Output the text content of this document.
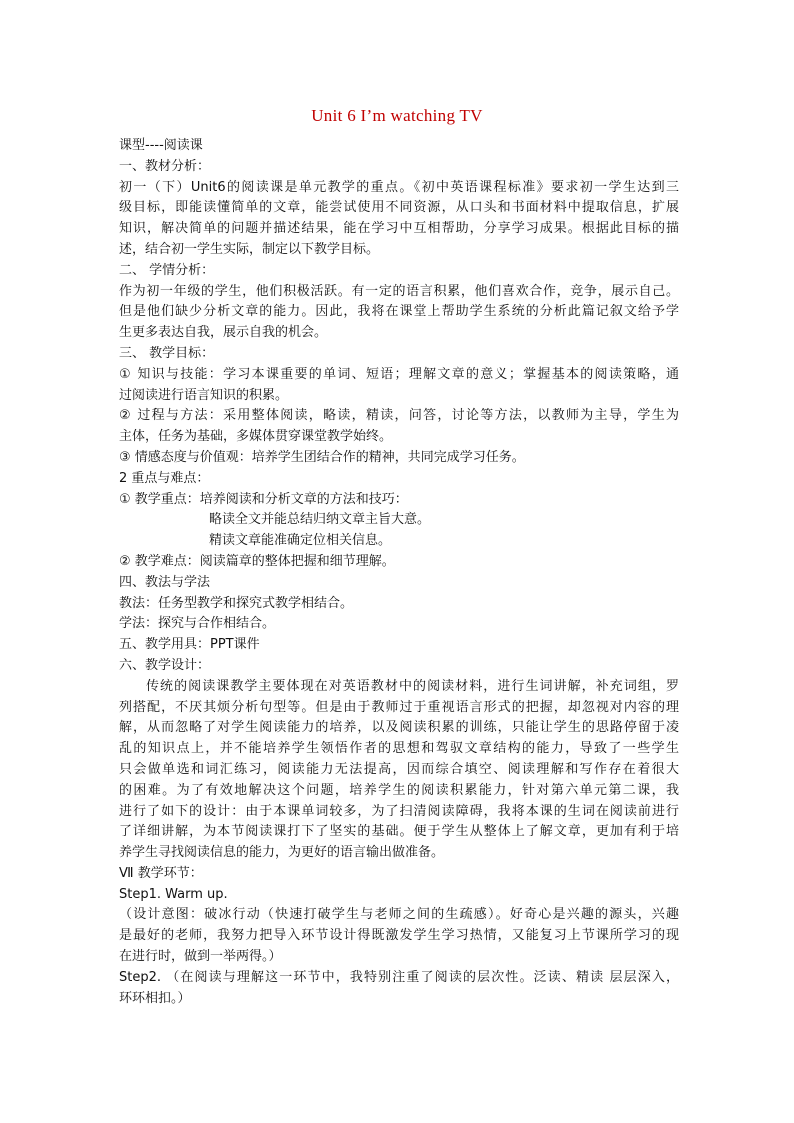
Unit 6 I’m watching TV
课型----阅读课
一、教材分析：
初一（下）Unit6的阅读课是单元教学的重点。《初中英语课程标准》要求初一学生达到三
级目标，即能读懂简单的文章，能尝试使用不同资源，从口头和书面材料中提取信息，扩展
知识，解决简单的问题并描述结果，能在学习中互相帮助，分享学习成果。根据此目标的描
述，结合初一学生实际，制定以下教学目标。
二、 学情分析：
作为初一年级的学生，他们积极活跃。有一定的语言积累，他们喜欢合作，竞争，展示自己。
但是他们缺少分析文章的能力。因此，我将在课堂上帮助学生系统的分析此篇记叙文给予学
生更多表达自我，展示自我的机会。
三、 教学目标：
① 知识与技能：学习本课重要的单词、短语；理解文章的意义；掌握基本的阅读策略，通
过阅读进行语言知识的积累。
② 过程与方法：采用整体阅读，略读，精读，问答，讨论等方法，以教师为主导，学生为
主体，任务为基础，多媒体贯穿课堂教学始终。
③ 情感态度与价值观：培养学生团结合作的精神，共同完成学习任务。
2 重点与难点：
① 教学重点：培养阅读和分析文章的方法和技巧：
略读全文并能总结归纳文章主旨大意。
精读文章能准确定位相关信息。
② 教学难点：阅读篇章的整体把握和细节理解。
四、教法与学法
教法：任务型教学和探究式教学相结合。
学法：探究与合作相结合。
五、教学用具：PPT课件
六、教学设计：
传统的阅读课教学主要体现在对英语教材中的阅读材料，进行生词讲解，补充词组，罗
列搭配，不厌其烦分析句型等。但是由于教师过于重视语言形式的把握，却忽视对内容的理
解，从而忽略了对学生阅读能力的培养，以及阅读积累的训练，只能让学生的思路停留于凌
乱的知识点上，并不能培养学生领悟作者的思想和驾驭文章结构的能力，导致了一些学生
只会做单选和词汇练习，阅读能力无法提高，因而综合填空、阅读理解和写作存在着很大
的困难。为了有效地解决这个问题，培养学生的阅读积累能力，针对第六单元第二课，我
进行了如下的设计：由于本课单词较多，为了扫清阅读障碍，我将本课的生词在阅读前进行
了详细讲解，为本节阅读课打下了坚实的基础。便于学生从整体上了解文章，更加有利于培
养学生寻找阅读信息的能力，为更好的语言输出做准备。
Ⅶ 教学环节：
Step1. Warm up.
（设计意图：破冰行动（快速打破学生与老师之间的生疏感）。好奇心是兴趣的源头，兴趣
是最好的老师，我努力把导入环节设计得既激发学生学习热情，又能复习上节课所学习的现
在进行时，做到一举两得。）
Step2. （在阅读与理解这一环节中，我特别注重了阅读的层次性。泛读、精读 层层深入，
环环相扣。）
